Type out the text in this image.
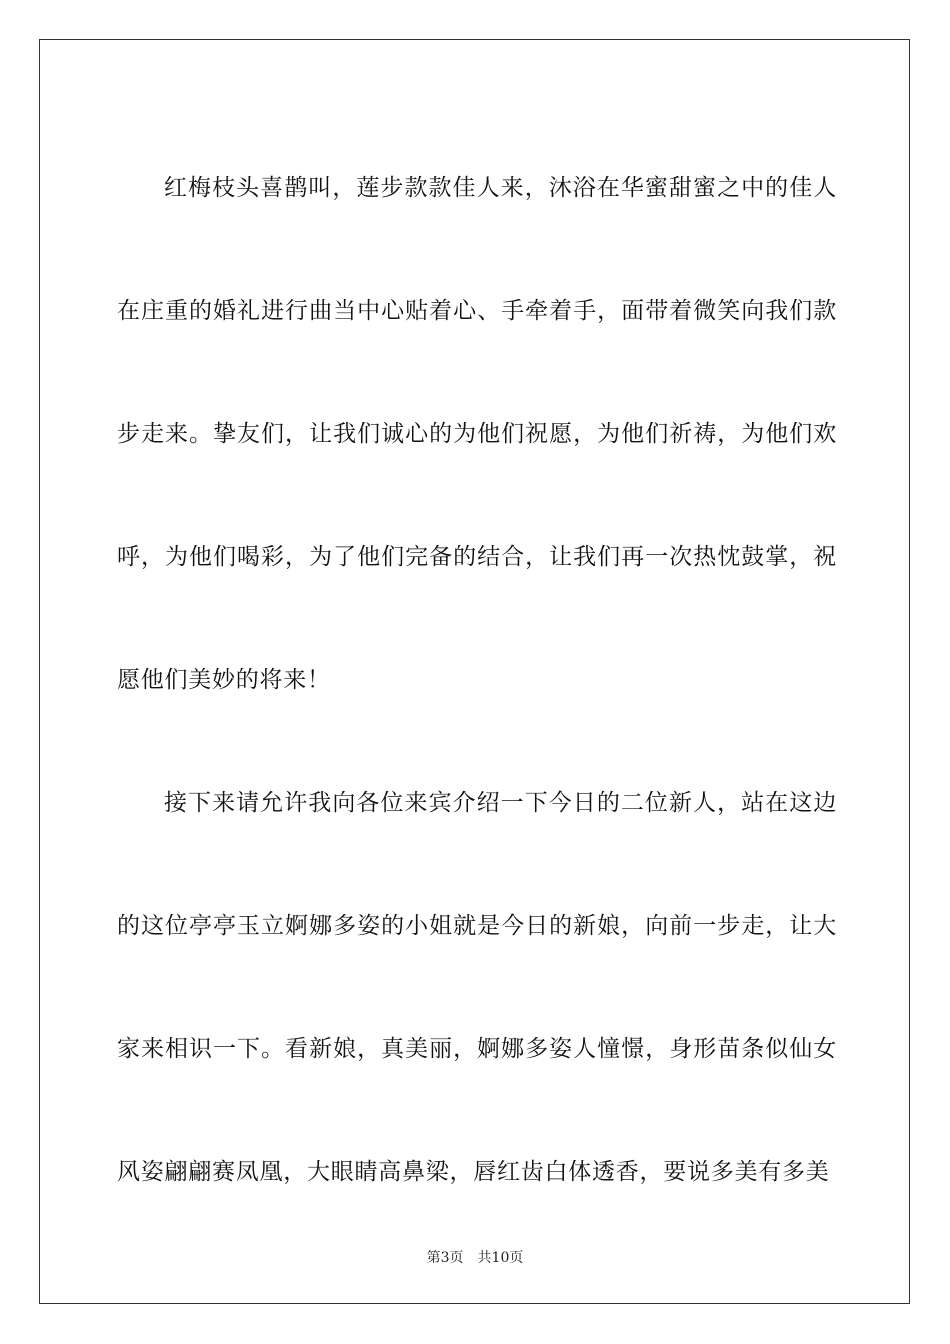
红梅枝头喜鹊叫，莲步款款佳人来，沐浴在华蜜甜蜜之中的佳人在庄重的婚礼进行曲当中心贴着心、手牵着手，面带着微笑向我们款步走来。挚友们，让我们诚心的为他们祝愿，为他们祈祷，为他们欢呼，为他们喝彩，为了他们完备的结合，让我们再一次热忱鼓掌，祝愿他们美妙的将来！

接下来请允许我向各位来宾介绍一下今日的二位新人，站在这边的这位亭亭玉立婀娜多姿的小姐就是今日的新娘，向前一步走，让大家来相识一下。看新娘，真美丽，婀娜多姿人憧憬，身形苗条似仙女风姿翩翩赛凤凰，大眼睛高鼻梁，唇红齿白体透香，要说多美有多美

第3页 共10页
